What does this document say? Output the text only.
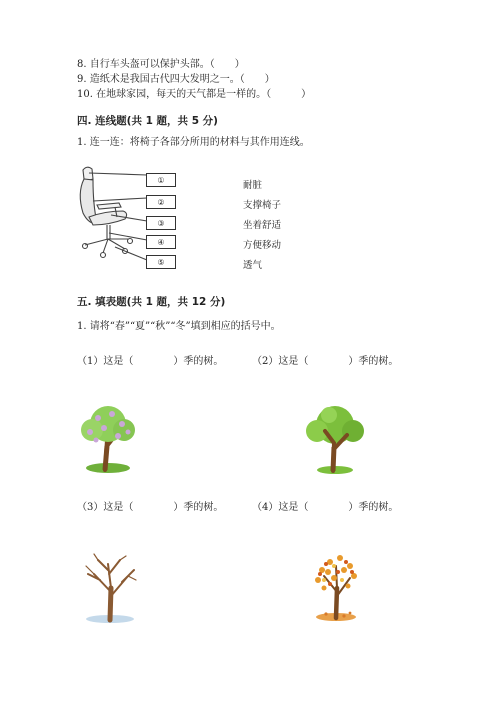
8. 自行车头盔可以保护头部。（　　）
9. 造纸术是我国古代四大发明之一。（　　）
10. 在地球家园，每天的天气都是一样的。（　　　）
四. 连线题(共 1 题，共 5 分)
1. 连一连：将椅子各部分所用的材料与其作用连线。
①
②
③
④
⑤
耐脏
支撑椅子
坐着舒适
方便移动
透气
五. 填表题(共 1 题，共 12 分)
1. 请将“春”“夏”“秋”“冬”填到相应的括号中。
（1）这是（　　　　）季的树。	（2）这是（　　　　）季的树。
（3）这是（　　　　）季的树。	（4）这是（　　　　）季的树。
